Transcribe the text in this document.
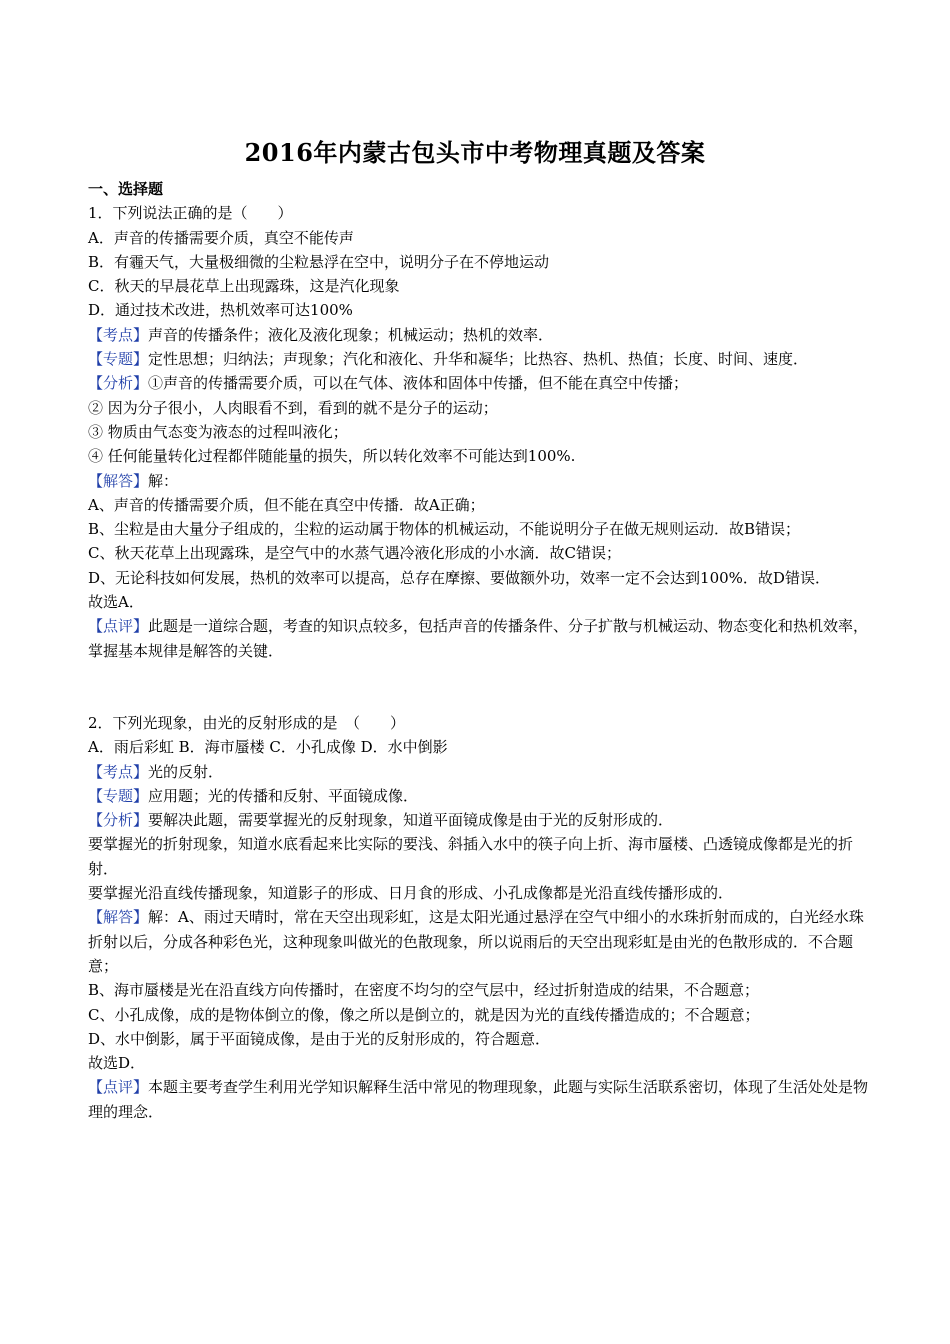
2016年内蒙古包头市中考物理真题及答案
一、选择题
1．下列说法正确的是（　　）
A．声音的传播需要介质，真空不能传声
B．有霾天气，大量极细微的尘粒悬浮在空中，说明分子在不停地运动
C．秋天的早晨花草上出现露珠，这是汽化现象
D．通过技术改进，热机效率可达100%
【考点】声音的传播条件；液化及液化现象；机械运动；热机的效率．
【专题】定性思想；归纳法；声现象；汽化和液化、升华和凝华；比热容、热机、热值；长度、时间、速度．
【分析】①声音的传播需要介质，可以在气体、液体和固体中传播，但不能在真空中传播；
② 因为分子很小，人肉眼看不到，看到的就不是分子的运动；
③ 物质由气态变为液态的过程叫液化；
④ 任何能量转化过程都伴随能量的损失，所以转化效率不可能达到100%.
【解答】解：
A、声音的传播需要介质，但不能在真空中传播．故A正确；
B、尘粒是由大量分子组成的，尘粒的运动属于物体的机械运动，不能说明分子在做无规则运动．故B错误；
C、秋天花草上出现露珠，是空气中的水蒸气遇冷液化形成的小水滴．故C错误；
D、无论科技如何发展，热机的效率可以提高，总存在摩擦、要做额外功，效率一定不会达到100%．故D错误．
故选A．
【点评】此题是一道综合题，考查的知识点较多，包括声音的传播条件、分子扩散与机械运动、物态变化和热机效率，掌握基本规律是解答的关键．
2．下列光现象，由光的反射形成的是　（　　）
A．雨后彩虹 B．海市蜃楼 C．小孔成像 D．水中倒影
【考点】光的反射．
【专题】应用题；光的传播和反射、平面镜成像．
【分析】要解决此题，需要掌握光的反射现象，知道平面镜成像是由于光的反射形成的．
要掌握光的折射现象，知道水底看起来比实际的要浅、斜插入水中的筷子向上折、海市蜃楼、凸透镜成像都是光的折射．
要掌握光沿直线传播现象，知道影子的形成、日月食的形成、小孔成像都是光沿直线传播形成的．
【解答】解：A、雨过天晴时，常在天空出现彩虹，这是太阳光通过悬浮在空气中细小的水珠折射而成的，白光经水珠折射以后，分成各种彩色光，这种现象叫做光的色散现象，所以说雨后的天空出现彩虹是由光的色散形成的．不合题意；
B、海市蜃楼是光在沿直线方向传播时，在密度不均匀的空气层中，经过折射造成的结果，不合题意；
C、小孔成像，成的是物体倒立的像，像之所以是倒立的，就是因为光的直线传播造成的；不合题意；
D、水中倒影，属于平面镜成像，是由于光的反射形成的，符合题意．
故选D．
【点评】本题主要考查学生利用光学知识解释生活中常见的物理现象，此题与实际生活联系密切，体现了生活处处是物理的理念．
